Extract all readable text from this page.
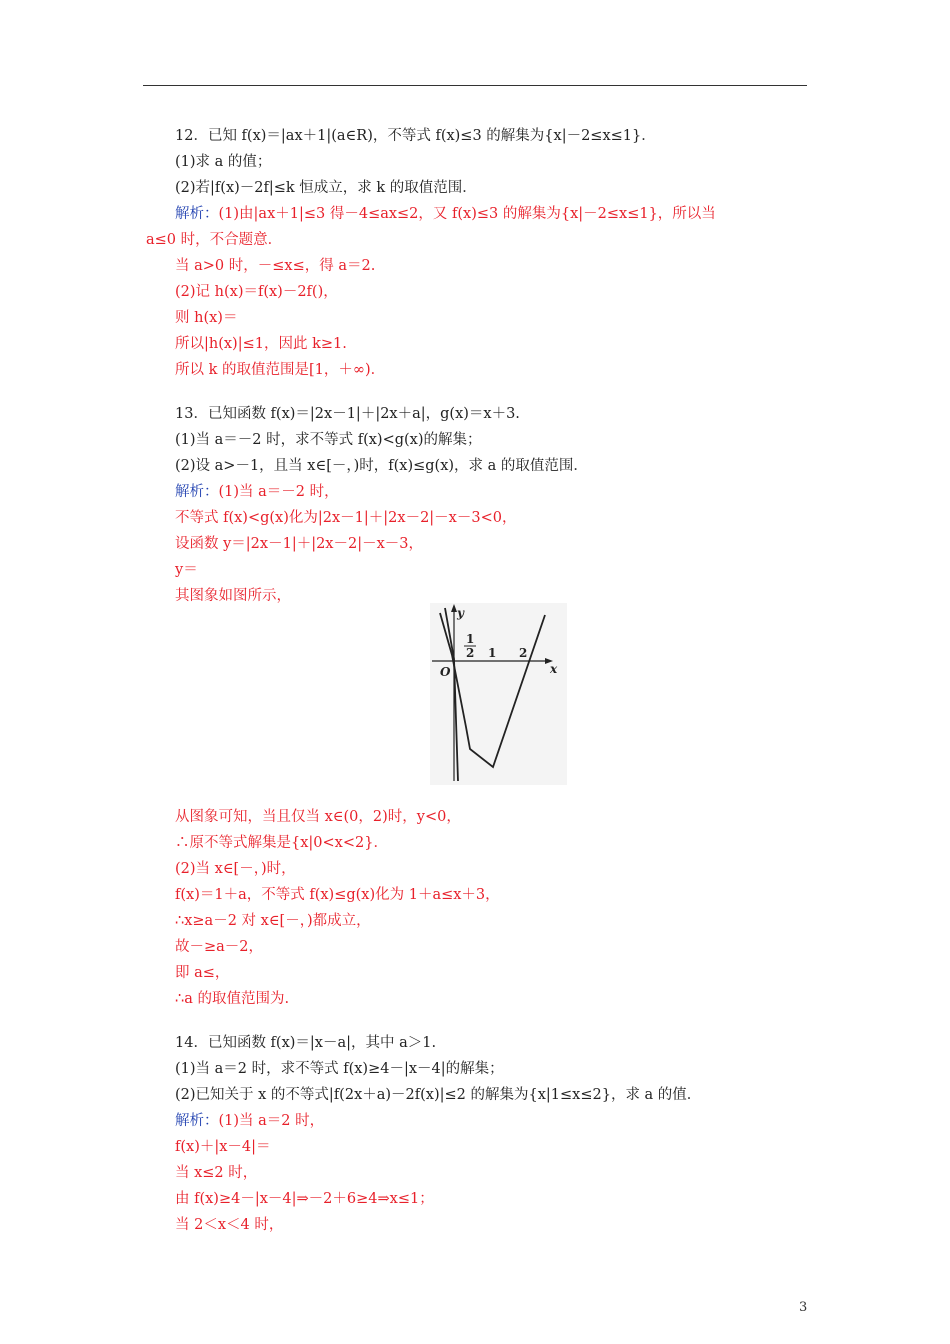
12．已知 f(x)＝|ax＋1|(a∈R)，不等式 f(x)≤3 的解集为{x|－2≤x≤1}．
(1)求 a 的值；
(2)若|f(x)－2f|≤k 恒成立，求 k 的取值范围．
解析：(1)由|ax＋1|≤3 得－4≤ax≤2，又 f(x)≤3 的解集为{x|－2≤x≤1}，所以当
a≤0 时，不合题意．
当 a>0 时，－≤x≤，得 a＝2.
(2)记 h(x)＝f(x)－2f()，
则 h(x)＝
所以|h(x)|≤1，因此 k≥1.
所以 k 的取值范围是[1，＋∞)．
13．已知函数 f(x)＝|2x－1|＋|2x＋a|，g(x)＝x＋3.
(1)当 a＝－2 时，求不等式 f(x)<g(x)的解集；
(2)设 a>－1，且当 x∈[－，)时，f(x)≤g(x)，求 a 的取值范围．
解析：(1)当 a＝－2 时，
不等式 f(x)<g(x)化为|2x－1|＋|2x－2|－x－3<0，
设函数 y＝|2x－1|＋|2x－2|－x－3，
y＝
其图象如图所示，
从图象可知，当且仅当 x∈(0，2)时，y<0，
∴原不等式解集是{x|0<x<2}．
(2)当 x∈[－，)时，
f(x)＝1＋a，不等式 f(x)≤g(x)化为 1＋a≤x＋3，
∴x≥a－2 对 x∈[－，)都成立，
故－≥a－2，
即 a≤，
∴a 的取值范围为.
14．已知函数 f(x)＝|x－a|，其中 a＞1.
(1)当 a＝2 时，求不等式 f(x)≥4－|x－4|的解集；
(2)已知关于 x 的不等式|f(2x＋a)－2f(x)|≤2 的解集为{x|1≤x≤2}，求 a 的值．
解析：(1)当 a＝2 时，
f(x)＋|x－4|＝
当 x≤2 时，
由 f(x)≥4－|x－4|⇒－2＋6≥4⇒x≤1；
当 2＜x＜4 时，
y
x
O
1
2 1 2
3
